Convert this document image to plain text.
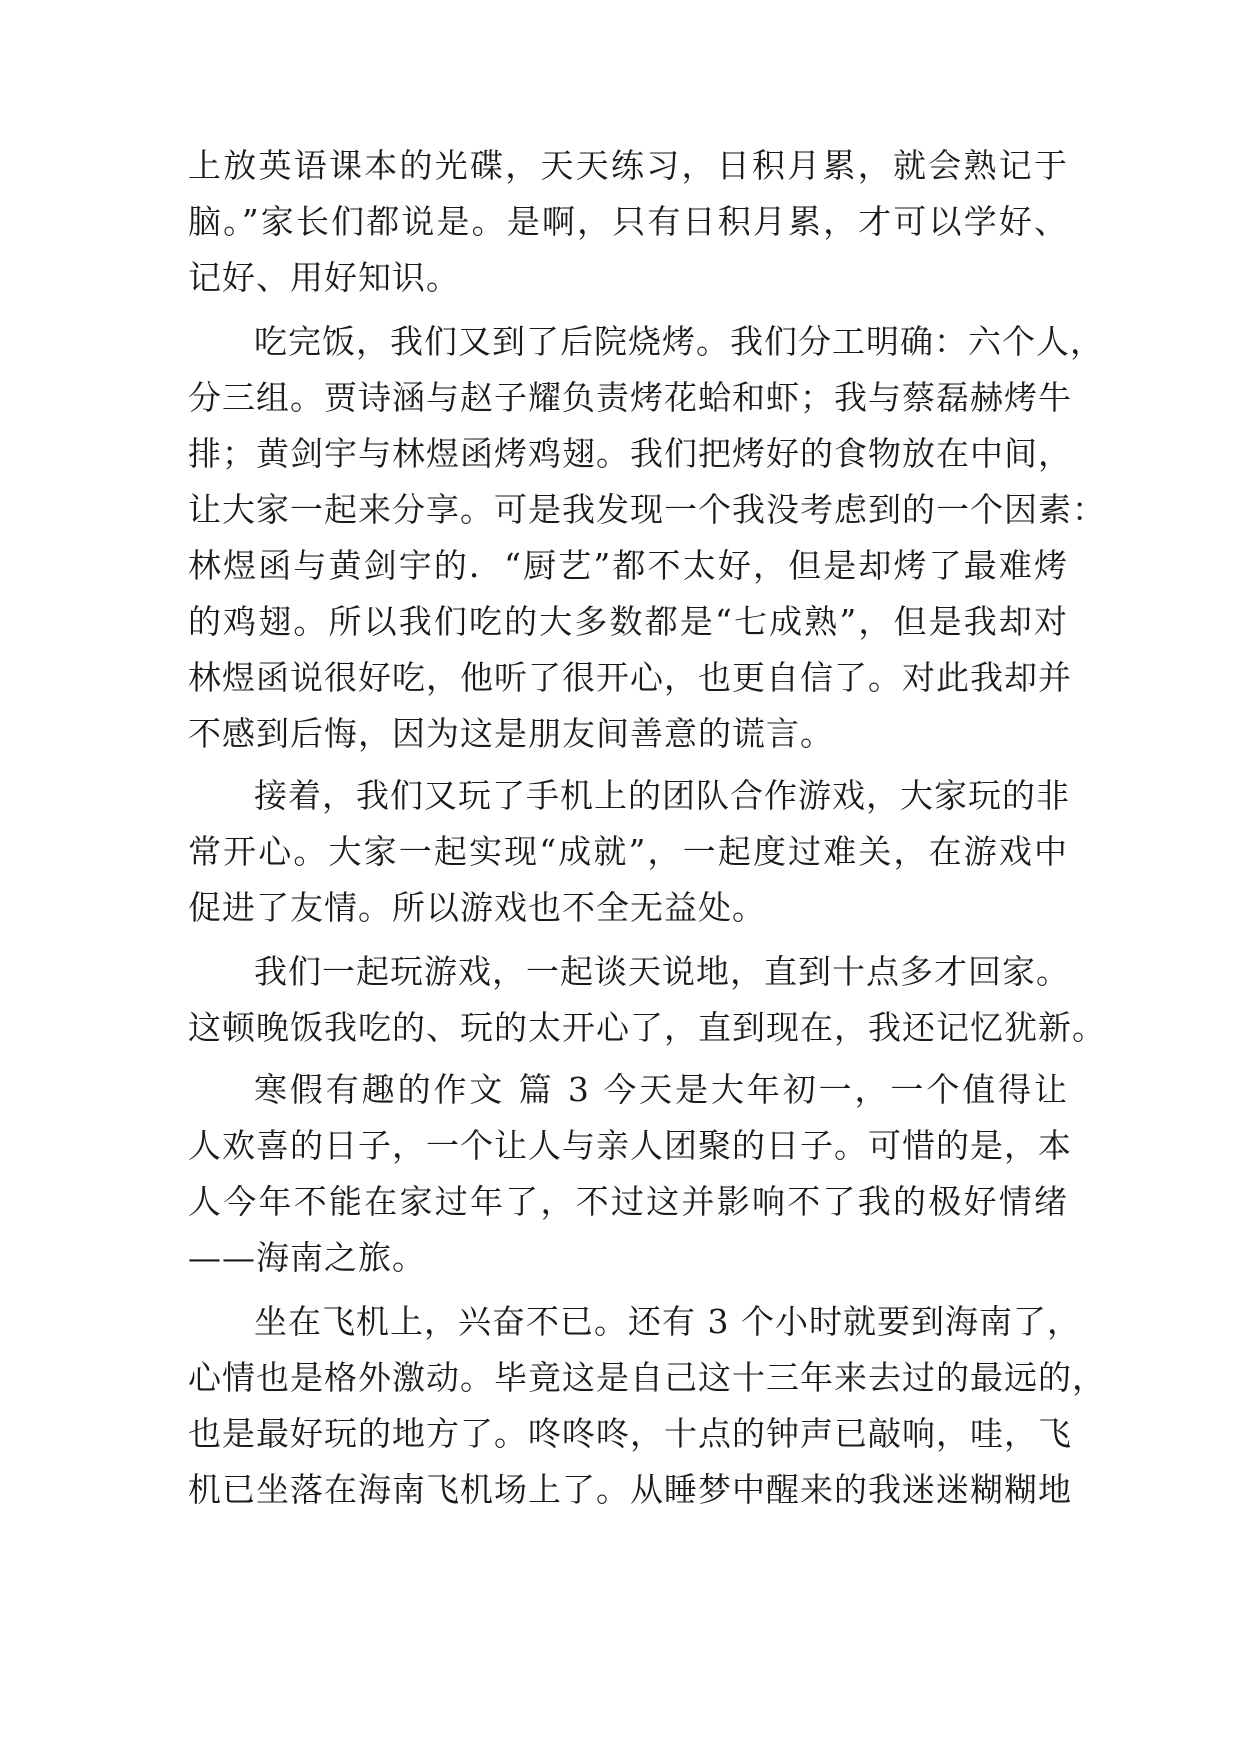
上放英语课本的光碟，天天练习，日积月累，就会熟记于
脑。”家长们都说是。是啊，只有日积月累，才可以学好、
记好、用好知识。
吃完饭，我们又到了后院烧烤。我们分工明确：六个人，
分三组。贾诗涵与赵子耀负责烤花蛤和虾；我与蔡磊赫烤牛
排；黄剑宇与林煜函烤鸡翅。我们把烤好的食物放在中间，
让大家一起来分享。可是我发现一个我没考虑到的一个因素：
林煜函与黄剑宇的．“厨艺”都不太好，但是却烤了最难烤
的鸡翅。所以我们吃的大多数都是“七成熟”，但是我却对
林煜函说很好吃，他听了很开心，也更自信了。对此我却并
不感到后悔，因为这是朋友间善意的谎言。
接着，我们又玩了手机上的团队合作游戏，大家玩的非
常开心。大家一起实现“成就”，一起度过难关，在游戏中
促进了友情。所以游戏也不全无益处。
我们一起玩游戏，一起谈天说地，直到十点多才回家。
这顿晚饭我吃的、玩的太开心了，直到现在，我还记忆犹新。
寒假有趣的作文 篇 3 今天是大年初一，一个值得让
人欢喜的日子，一个让人与亲人团聚的日子。可惜的是，本
人今年不能在家过年了，不过这并影响不了我的极好情绪
——海南之旅。
坐在飞机上，兴奋不已。还有 3 个小时就要到海南了，
心情也是格外激动。毕竟这是自己这十三年来去过的最远的，
也是最好玩的地方了。咚咚咚，十点的钟声已敲响，哇，飞
机已坐落在海南飞机场上了。从睡梦中醒来的我迷迷糊糊地
